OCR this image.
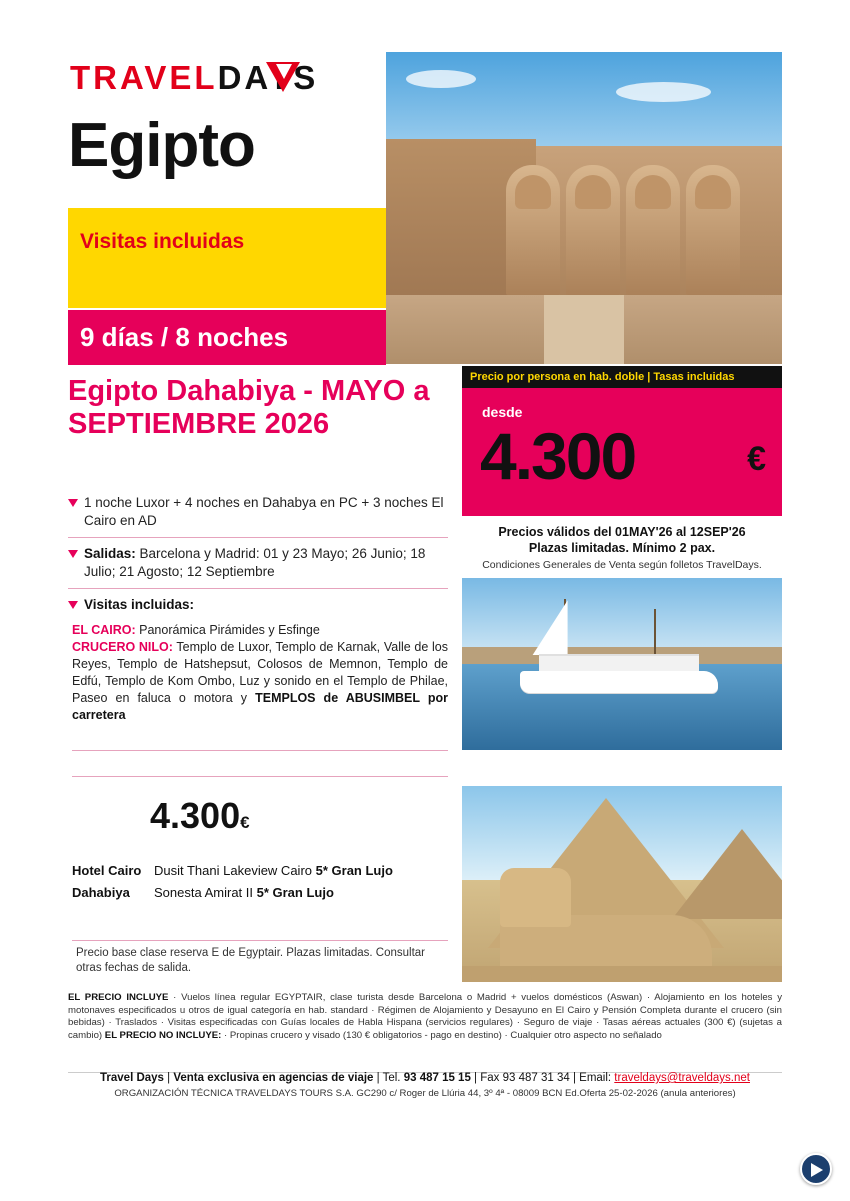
TRAVELDAYS
Egipto
Visitas incluidas
9 días / 8 noches
Egipto Dahabiya - MAYO a SEPTIEMBRE 2026
1 noche Luxor + 4 noches en Dahabya en PC + 3 noches El Cairo en AD
Salidas: Barcelona y Madrid: 01 y 23 Mayo; 26 Junio; 18 Julio; 21 Agosto; 12 Septiembre
Visitas incluidas:
EL CAIRO: Panorámica Pirámides y Esfinge
CRUCERO NILO: Templo de Luxor, Templo de Karnak, Valle de los Reyes, Templo de Hatshepsut, Colosos de Memnon, Templo de Edfú, Templo de Kom Ombo, Luz y sonido en el Templo de Philae, Paseo en faluca o motora y TEMPLOS de ABUSIMBEL por carretera
Precio por persona en hab. doble | Tasas incluidas
desde
4.300	€
Precios válidos del 01MAY'26 al 12SEP'26
Plazas limitadas. Mínimo 2 pax.
Condiciones Generales de Venta según folletos TravelDays.
4.300€
Hotel Cairo Dusit Thani Lakeview Cairo 5* Gran Lujo
Dahabiya	Sonesta Amirat II 5* Gran Lujo
Precio base clase reserva E de Egyptair. Plazas limitadas. Consultar otras fechas de salida.
EL PRECIO INCLUYE · Vuelos línea regular EGYPTAIR, clase turista desde Barcelona o Madrid + vuelos domésticos (Aswan) · Alojamiento en los hoteles y motonaves especificados u otros de igual categoría en hab. standard · Régimen de Alojamiento y Desayuno en El Cairo y Pensión Completa durante el crucero (sin bebidas) · Traslados · Visitas especificadas con Guías locales de Habla Hispana (servicios regulares) · Seguro de viaje · Tasas aéreas actuales (300 €) (sujetas a cambio) EL PRECIO NO INCLUYE: · Propinas crucero y visado (130 € obligatorios - pago en destino) · Cualquier otro aspecto no señalado
Travel Days | Venta exclusiva en agencias de viaje | Tel. 93 487 15 15 | Fax 93 487 31 34 | Email: traveldays@traveldays.net
ORGANIZACIÓN TÉCNICA TRAVELDAYS TOURS S.A. GC290 c/ Roger de Llúria 44, 3º 4ª - 08009 BCN Ed.Oferta 25-02-2026 (anula anteriores)
